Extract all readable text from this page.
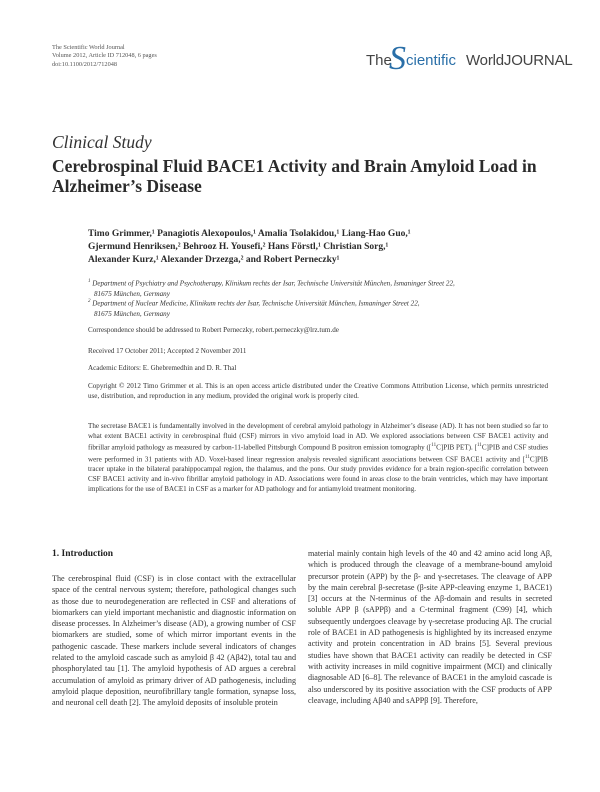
The Scientific World Journal
Volume 2012, Article ID 712048, 6 pages
doi:10.1100/2012/712048	The
S cientific WorldJOURNAL
Clinical Study
Cerebrospinal Fluid BACE1 Activity and Brain Amyloid Load in Alzheimer’s Disease
Timo Grimmer,¹ Panagiotis Alexopoulos,¹ Amalia Tsolakidou,¹ Liang-Hao Guo,¹
Gjermund Henriksen,² Behrooz H. Yousefi,² Hans Förstl,¹ Christian Sorg,¹
Alexander Kurz,¹ Alexander Drzezga,² and Robert Perneczky¹
$^1$ Department of Psychiatry and Psychotherapy, Klinikum rechts der Isar, Technische Universität München, Ismaninger Street 22,
81675 München, Germany
$^2$ Department of Nuclear Medicine, Klinikum rechts der Isar, Technische Universität München, Ismaninger Street 22,
81675 München, Germany
Correspondence should be addressed to Robert Perneczky, robert.perneczky@lrz.tum.de
Received 17 October 2011; Accepted 2 November 2011
Academic Editors: E. Ghebremedhin and D. R. Thal
Copyright © 2012 Timo Grimmer et al. This is an open access article distributed under the Creative Commons Attribution License, which permits unrestricted use, distribution, and reproduction in any medium, provided the original work is properly cited.
The secretase BACE1 is fundamentally involved in the development of cerebral amyloid pathology in Alzheimer’s disease (AD). It has not been studied so far to what extent BACE1 activity in cerebrospinal fluid (CSF) mirrors in vivo amyloid load in AD. We explored associations between CSF BACE1 activity and fibrillar amyloid pathology as measured by carbon-11-labelled Pittsburgh Compound B positron emission tomography ([$^{11}$C]PIB PET). [$^{11}$C]PIB and CSF studies were performed in 31 patients with AD. Voxel-based linear regression analysis revealed significant associations between CSF BACE1 activity and [$^{11}$C]PIB tracer uptake in the bilateral parahippocampal region, the thalamus, and the pons. Our study provides evidence for a brain region-specific correlation between CSF BACE1 activity and in-vivo fibrillar amyloid pathology in AD. Associations were found in areas close to the brain ventricles, which may have important implications for the use of BACE1 in CSF as a marker for AD pathology and for antiamyloid treatment monitoring.
1. Introduction
The cerebrospinal fluid (CSF) is in close contact with the extracellular space of the central nervous system; therefore, pathological changes such as those due to neurodegeneration are reflected in CSF and alterations of biomarkers can yield important mechanistic and diagnostic information on disease processes. In Alzheimer’s disease (AD), a growing number of CSF biomarkers are studied, some of which mirror important events in the pathogenic cascade. These markers include several indicators of changes related to the amyloid cascade such as amyloid β 42 (Aβ42), total tau and phosphorylated tau [1]. The amyloid hypothesis of AD argues a cerebral accumulation of amyloid as primary driver of AD pathogenesis, including amyloid plaque deposition, neurofibrillary tangle formation, synapse loss, and neuronal cell death [2]. The amyloid deposits of insoluble protein
material mainly contain high levels of the 40 and 42 amino acid long Aβ, which is produced through the cleavage of a membrane-bound amyloid precursor protein (APP) by the β- and γ-secretases. The cleavage of APP by the main cerebral β-secretase (β-site APP-cleaving enzyme 1, BACE1) [3] occurs at the N-terminus of the Aβ-domain and results in secreted soluble APP β (sAPPβ) and a C-terminal fragment (C99) [4], which subsequently undergoes cleavage by γ-secretase producing Aβ. The crucial role of BACE1 in AD pathogenesis is highlighted by its increased enzyme activity and protein concentration in AD brains [5]. Several previous studies have shown that BACE1 activity can readily be detected in CSF with activity increases in mild cognitive impairment (MCI) and clinically diagnosable AD [6–8]. The relevance of BACE1 in the amyloid cascade is also underscored by its positive association with the CSF products of APP cleavage, including Aβ40 and sAPPβ [9]. Therefore,
